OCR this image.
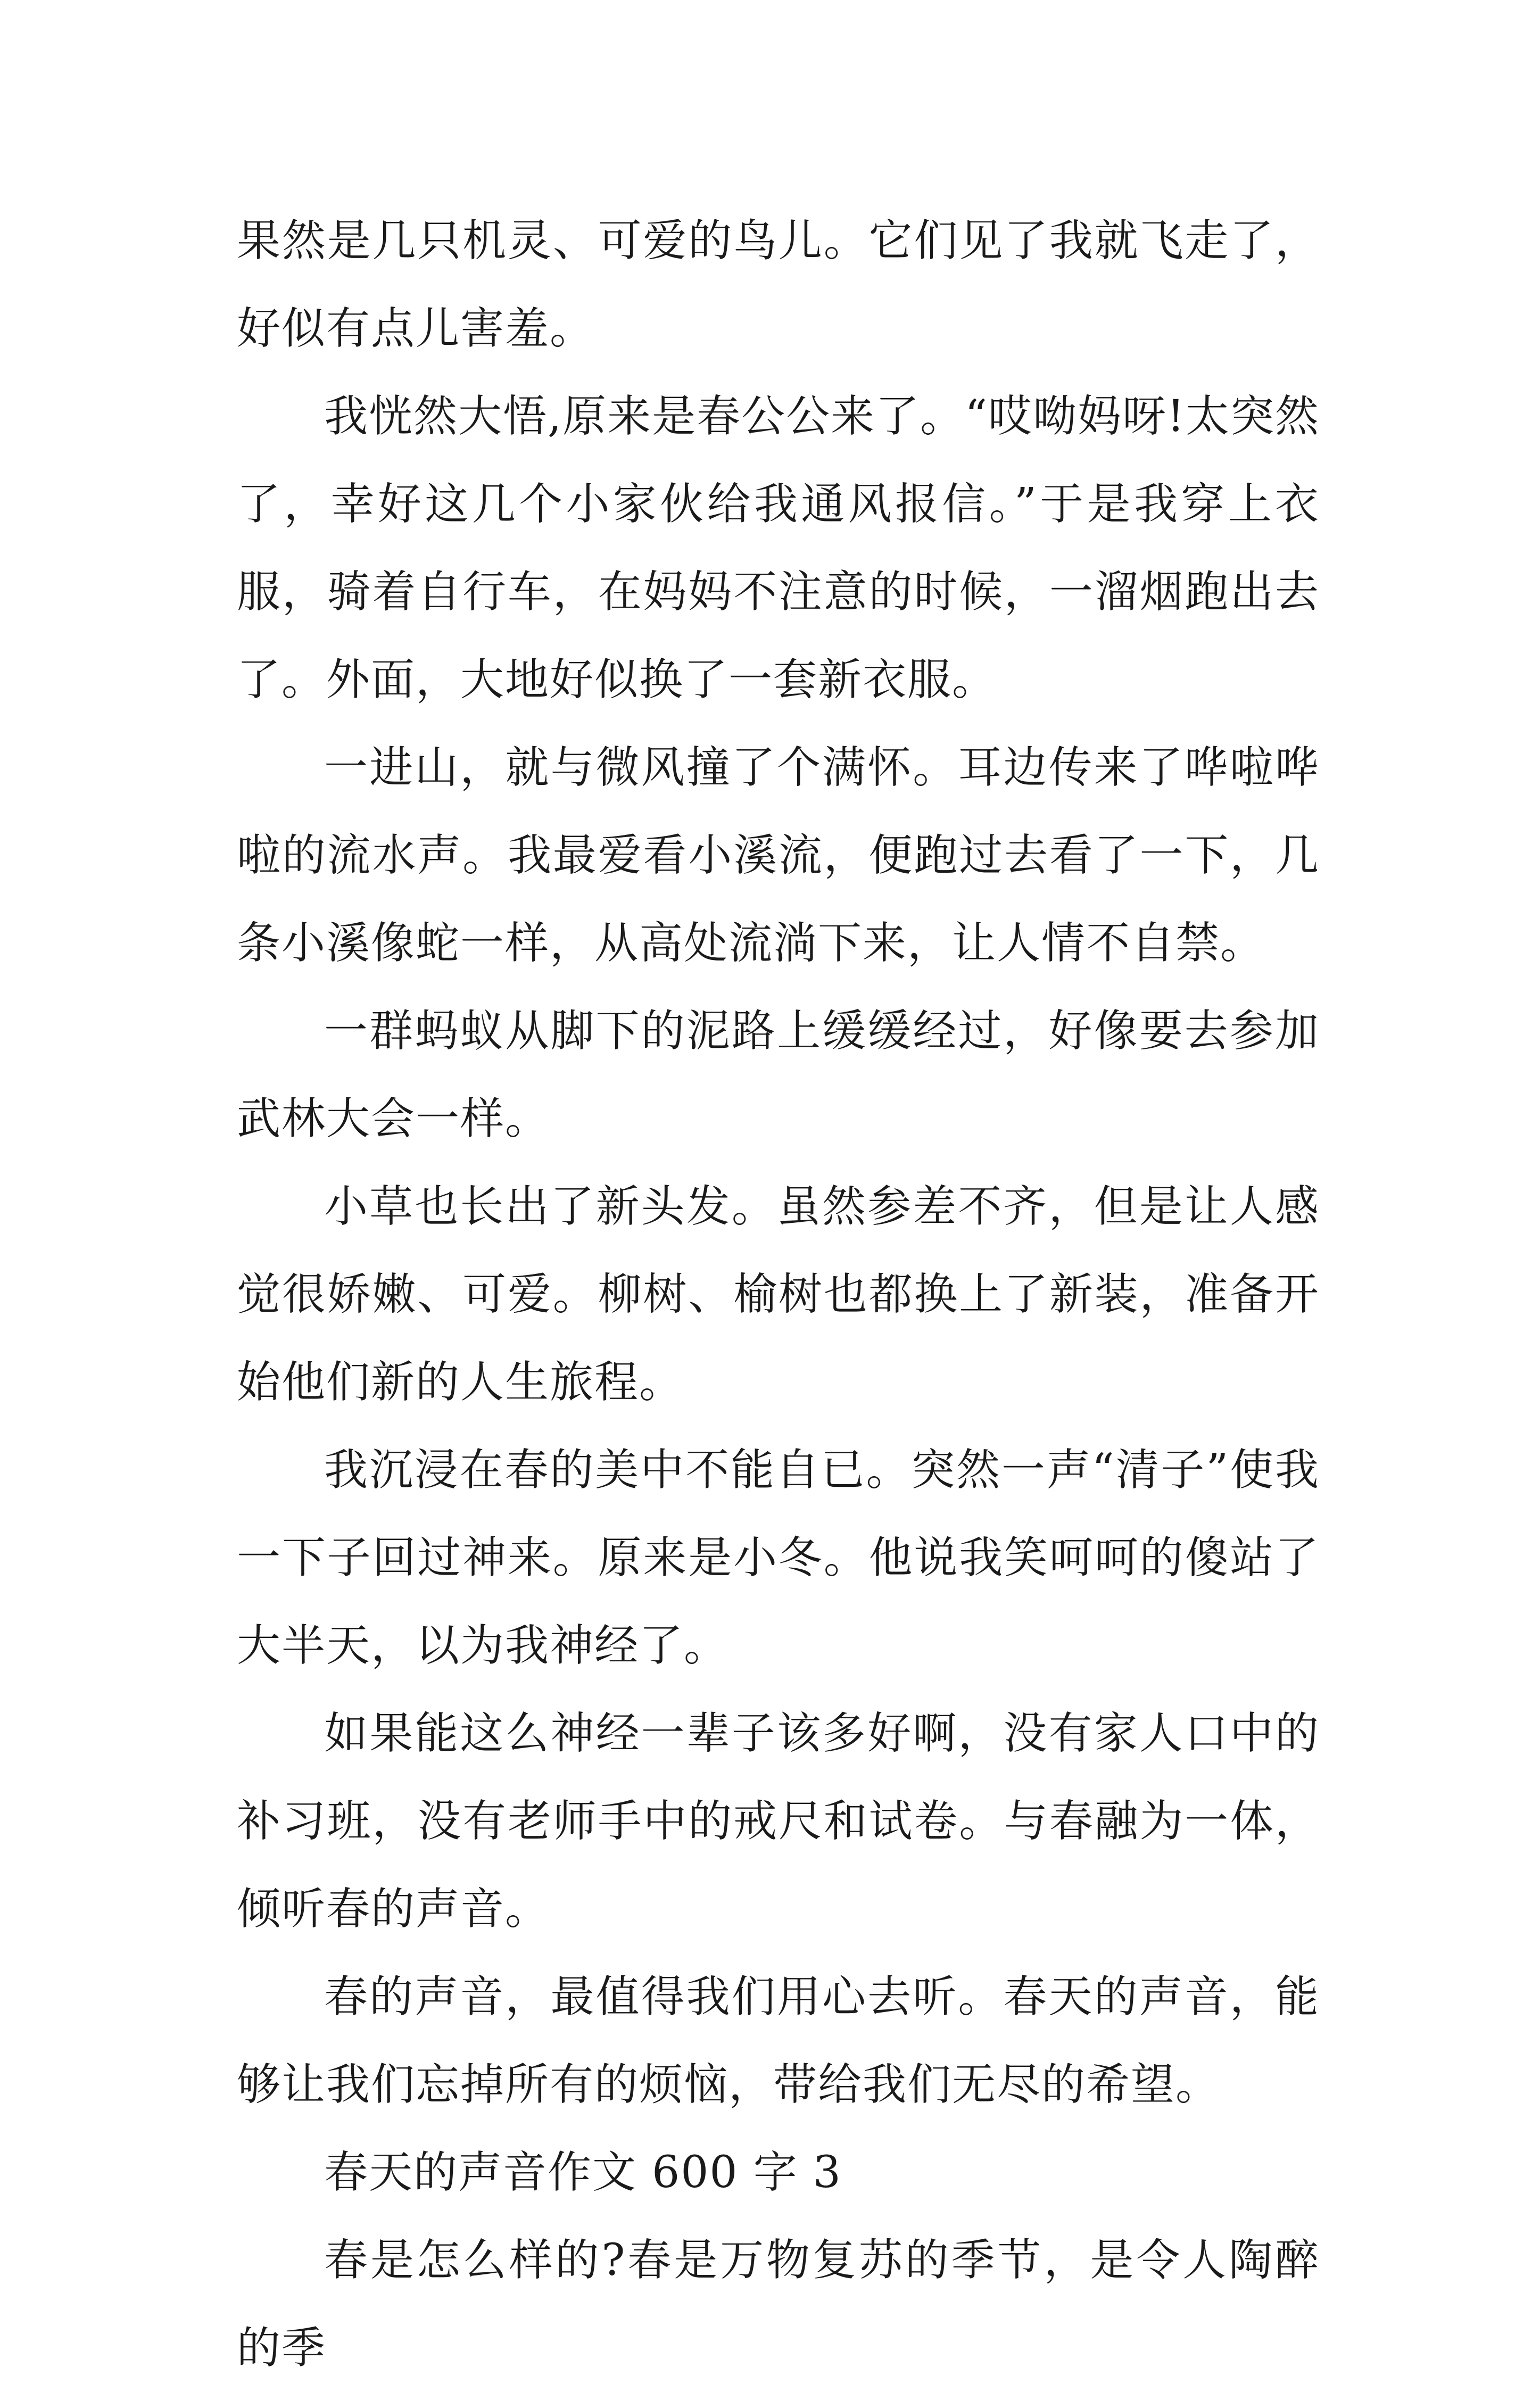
果然是几只机灵、可爱的鸟儿。它们见了我就飞走了，好似有点儿害羞。

我恍然大悟,原来是春公公来了。“哎呦妈呀!太突然了，幸好这几个小家伙给我通风报信。”于是我穿上衣服，骑着自行车，在妈妈不注意的时候，一溜烟跑出去了。外面，大地好似换了一套新衣服。

一进山，就与微风撞了个满怀。耳边传来了哗啦哗啦的流水声。我最爱看小溪流，便跑过去看了一下，几条小溪像蛇一样，从高处流淌下来，让人情不自禁。

一群蚂蚁从脚下的泥路上缓缓经过，好像要去参加武林大会一样。

小草也长出了新头发。虽然参差不齐，但是让人感觉很娇嫩、可爱。柳树、榆树也都换上了新装，准备开始他们新的人生旅程。

我沉浸在春的美中不能自已。突然一声“清子”使我一下子回过神来。原来是小冬。他说我笑呵呵的傻站了大半天，以为我神经了。

如果能这么神经一辈子该多好啊，没有家人口中的补习班，没有老师手中的戒尺和试卷。与春融为一体，倾听春的声音。

春的声音，最值得我们用心去听。春天的声音，能够让我们忘掉所有的烦恼，带给我们无尽的希望。

春天的声音作文 600 字 3

春是怎么样的?春是万物复苏的季节，是令人陶醉的季
